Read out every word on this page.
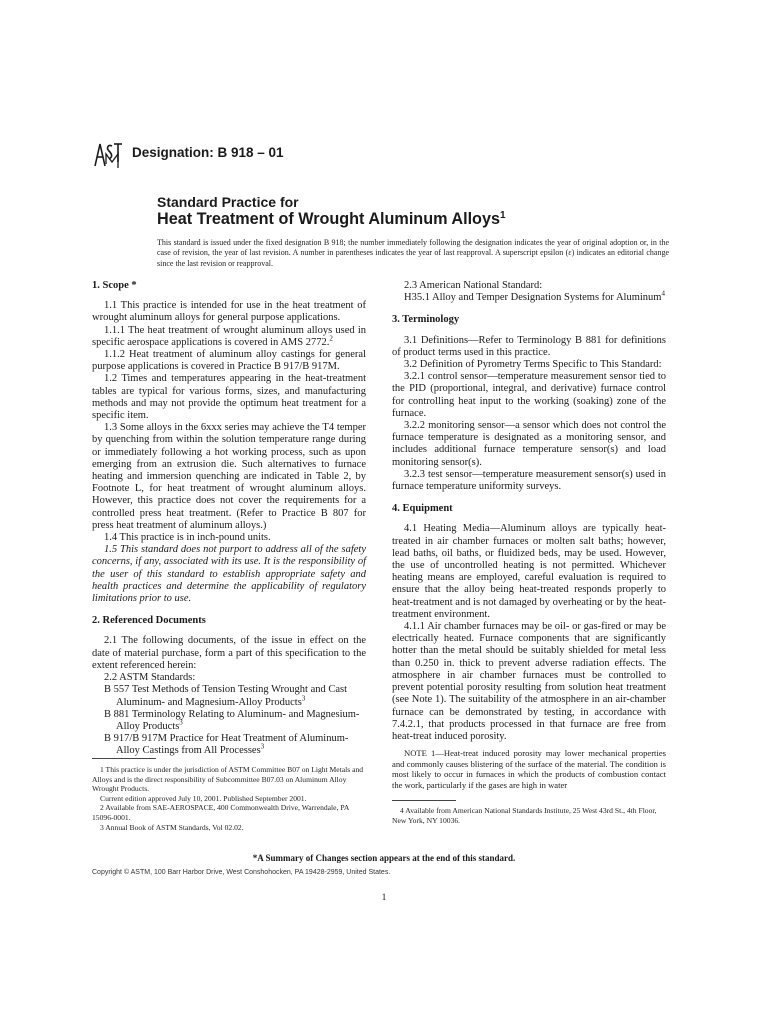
Designation: B 918 – 01
Standard Practice for
Heat Treatment of Wrought Aluminum Alloys$^1$
This standard is issued under the fixed designation B 918; the number immediately following the designation indicates the year of original adoption or, in the case of revision, the year of last revision. A number in parentheses indicates the year of last reapproval. A superscript epsilon (ε) indicates an editorial change since the last revision or reapproval.
1. Scope *

1.1 This practice is intended for use in the heat treatment of wrought aluminum alloys for general purpose applications.

1.1.1 The heat treatment of wrought aluminum alloys used in specific aerospace applications is covered in AMS 2772.$^2$

1.1.2 Heat treatment of aluminum alloy castings for general purpose applications is covered in Practice B 917/B 917M.

1.2 Times and temperatures appearing in the heat-treatment tables are typical for various forms, sizes, and manufacturing methods and may not provide the optimum heat treatment for a specific item.

1.3 Some alloys in the 6xxx series may achieve the T4 temper by quenching from within the solution temperature range during or immediately following a hot working process, such as upon emerging from an extrusion die. Such alternatives to furnace heating and immersion quenching are indicated in Table 2, by Footnote L, for heat treatment of wrought aluminum alloys. However, this practice does not cover the requirements for a controlled press heat treatment. (Refer to Practice B 807 for press heat treatment of aluminum alloys.)

1.4 This practice is in inch-pound units.

1.5 This standard does not purport to address all of the safety concerns, if any, associated with its use. It is the responsibility of the user of this standard to establish appropriate safety and health practices and determine the applicability of regulatory limitations prior to use.

2. Referenced Documents

2.1 The following documents, of the issue in effect on the date of material purchase, form a part of this specification to the extent referenced herein:

2.2 ASTM Standards:

B 557 Test Methods of Tension Testing Wrought and Cast Aluminum- and Magnesium-Alloy Products$^3$

B 881 Terminology Relating to Aluminum- and Magnesium-Alloy Products$^3$

B 917/B 917M Practice for Heat Treatment of Aluminum-Alloy Castings from All Processes$^3$

1 This practice is under the jurisdiction of ASTM Committee B07 on Light Metals and Alloys and is the direct responsibility of Subcommittee B07.03 on Aluminum Alloy Wrought Products.

Current edition approved July 10, 2001. Published September 2001.

2 Available from SAE-AEROSPACE, 400 Commonwealth Drive, Warrendale, PA 15096-0001.

3 Annual Book of ASTM Standards, Vol 02.02.

2.3 American National Standard:

H35.1 Alloy and Temper Designation Systems for Aluminum$^4$

3. Terminology

3.1 Definitions—Refer to Terminology B 881 for definitions of product terms used in this practice.

3.2 Definition of Pyrometry Terms Specific to This Standard:

3.2.1 control sensor—temperature measurement sensor tied to the PID (proportional, integral, and derivative) furnace control for controlling heat input to the working (soaking) zone of the furnace.

3.2.2 monitoring sensor—a sensor which does not control the furnace temperature is designated as a monitoring sensor, and includes additional furnace temperature sensor(s) and load monitoring sensor(s).

3.2.3 test sensor—temperature measurement sensor(s) used in furnace temperature uniformity surveys.

4. Equipment

4.1 Heating Media—Aluminum alloys are typically heat-treated in air chamber furnaces or molten salt baths; however, lead baths, oil baths, or fluidized beds, may be used. However, the use of uncontrolled heating is not permitted. Whichever heating means are employed, careful evaluation is required to ensure that the alloy being heat-treated responds properly to heat-treatment and is not damaged by overheating or by the heat-treatment environment.

4.1.1 Air chamber furnaces may be oil- or gas-fired or may be electrically heated. Furnace components that are significantly hotter than the metal should be suitably shielded for metal less than 0.250 in. thick to prevent adverse radiation effects. The atmosphere in air chamber furnaces must be controlled to prevent potential porosity resulting from solution heat treatment (see Note 1). The suitability of the atmosphere in an air-chamber furnace can be demonstrated by testing, in accordance with 7.4.2.1, that products processed in that furnace are free from heat-treat induced porosity.

NOTE 1—Heat-treat induced porosity may lower mechanical properties and commonly causes blistering of the surface of the material. The condition is most likely to occur in furnaces in which the products of combustion contact the work, particularly if the gases are high in water

4 Available from American National Standards Institute, 25 West 43rd St., 4th Floor, New York, NY 10036.

*A Summary of Changes section appears at the end of this standard.
Copyright © ASTM, 100 Barr Harbor Drive, West Conshohocken, PA 19428-2959, United States.
1
